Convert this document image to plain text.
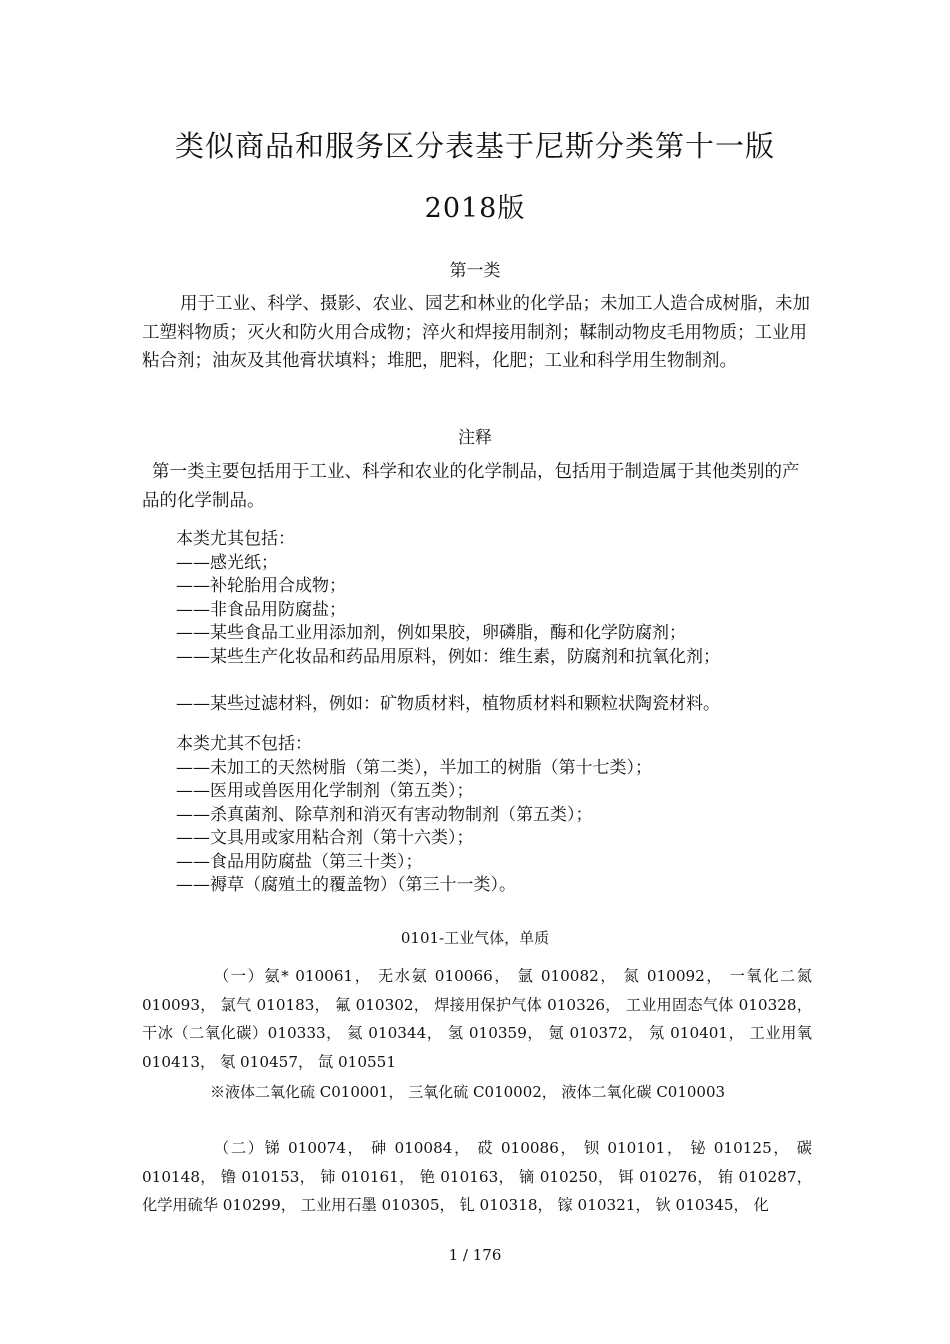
类似商品和服务区分表基于尼斯分类第十一版
2018版
第一类
用于工业、科学、摄影、农业、园艺和林业的化学品；未加工人造合成树脂，未加工塑料物质；灭火和防火用合成物；淬火和焊接用制剂；鞣制动物皮毛用物质；工业用粘合剂；油灰及其他膏状填料；堆肥，肥料，化肥；工业和科学用生物制剂。
注释
第一类主要包括用于工业、科学和农业的化学制品，包括用于制造属于其他类别的产品的化学制品。
本类尤其包括：
——感光纸；
——补轮胎用合成物；
——非食品用防腐盐；
——某些食品工业用添加剂，例如果胶，卵磷脂，酶和化学防腐剂；
——某些生产化妆品和药品用原料，例如：维生素，防腐剂和抗氧化剂；
——某些过滤材料，例如：矿物质材料，植物质材料和颗粒状陶瓷材料。
本类尤其不包括：
——未加工的天然树脂（第二类），半加工的树脂（第十七类）；
——医用或兽医用化学制剂（第五类）；
——杀真菌剂、除草剂和消灭有害动物制剂（第五类）；
——文具用或家用粘合剂（第十六类）；
——食品用防腐盐（第三十类）；
——褥草（腐殖土的覆盖物）（第三十一类）。
0101-工业气体，单质
（一）氨* 010061， 无水氨 010066， 氩 010082， 氮 010092， 一氧化二氮 010093， 氯气 010183， 氟 010302， 焊接用保护气体 010326， 工业用固态气体 010328， 干冰（二氧化碳）010333， 氦 010344， 氢 010359， 氪 010372， 氖 010401， 工业用氧 010413， 氡 010457， 氙 010551
※液体二氧化硫 C010001， 三氧化硫 C010002， 液体二氧化碳 C010003
（二）锑 010074， 砷 010084， 砹 010086， 钡 010101， 铋 010125， 碳 010148， 镥 010153， 铈 010161， 铯 010163， 镝 010250， 铒 010276， 铕 010287， 化学用硫华 010299， 工业用石墨 010305， 钆 010318， 镓 010321， 钬 010345， 化
1 / 176
